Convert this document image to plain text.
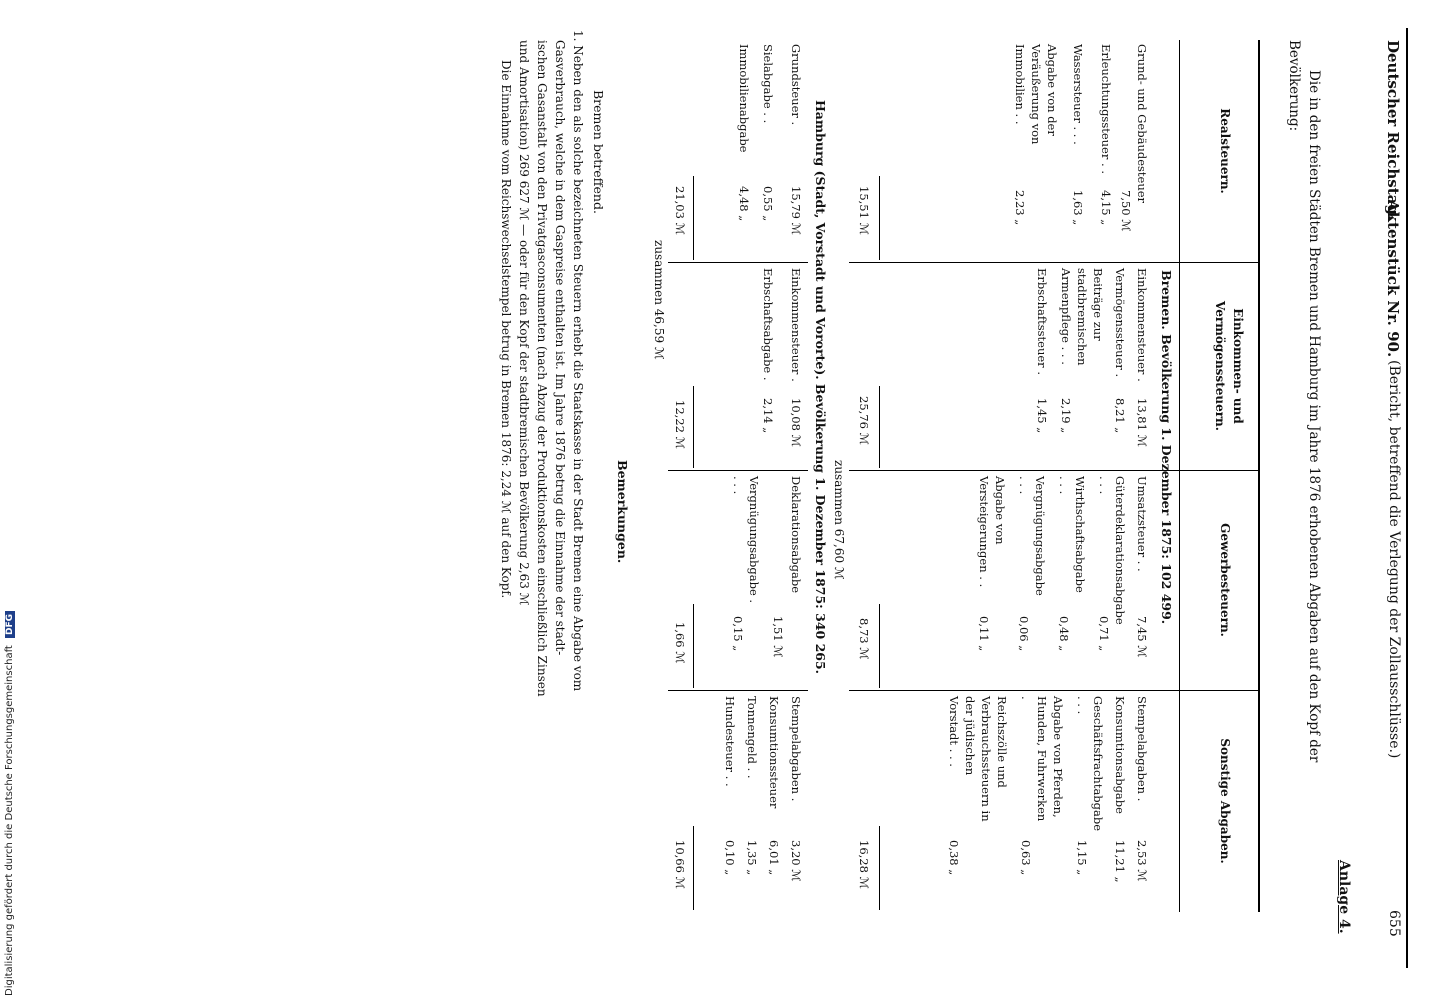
Deutscher Reichstag.
Aktenstück Nr. 90.
(Bericht, betreffend die Verlegung der Zollausschlüsse.)
655
Anlage 4.
Die in den freien Städten Bremen und Hamburg im Jahre 1876 erhobenen Abgaben auf den Kopf der
Bevölkerung:
Realsteuern.
Einkommen- und Vermögenssteuern.
Gewerbesteuern.
Sonstige Abgaben.
Bremen. Bevölkerung 1. Dezember 1875: 102 499.
Grund- und Gebäudesteuer
7,50 ℳ
Erleuchtungssteuer . .
4,15 „
Wassersteuer . . .
1,63 „
Abgabe von der Veräußerung von Immobilien . .
2,23 „
15,51 ℳ
Einkommensteuer .
13,81 ℳ
Vermögenssteuer .
8,21 „
Beiträge zur stadtbremischen Armenpflege . . .
2,19 „
Erbschaftssteuer .
1,45 „
25,76 ℳ
Umsatzsteuer . .
7,45 ℳ
Güterdeklarationsabgabe . . .
0,71 „
Wirthschaftsabgabe . . .
0,48 „
Vergnügungsabgabe . . .
0,06 „
Abgabe von Versteigerungen . .
0,11 „
8,73 ℳ
Stempelabgaben .
2,53 ℳ
Konsumtionsabgabe
11,21 „
Geschäftsfrachtabgabe . . .
1,15 „
Abgabe von Pferden, Hunden, Fuhrwerken .
0,63 „
Reichszölle und Verbrauchssteuern in der jüdischen Vorstadt . . .
0,38 „
16,28 ℳ
zusammen 67,60 ℳ
Hamburg (Stadt, Vorstadt und Vororte). Bevölkerung 1. Dezember 1875: 340 265.
Grundsteuer .
15,79 ℳ
Sielabgabe . .
0,55 „
Immobilienabgabe
4,48 „
21,03 ℳ
Einkommensteuer .
10,08 ℳ
Erbschaftsabgabe .
2,14 „
12,22 ℳ
Deklarationsabgabe
1,51 ℳ
Vergnügungsabgabe . . . .
0,15 „
1,66 ℳ
Stempelabgaben .
3,20 ℳ
Konsumtionssteuer
6,01 „
Tonnengeld . .
1,35 „
Hundesteuer . .
0,10 „
10,66 ℳ
zusammen 46,59 ℳ
Bemerkungen.
Bremen betreffend.
1. Neben den als solche bezeichneten Steuern erhebt die Staatskasse in der Stadt Bremen eine Abgabe vom
Gasverbrauch, welche in dem Gaspreise enthalten ist. Im Jahre 1876 betrug die Einnahme der stadt-
ischen Gasanstalt von den Privatgasconsumenten (nach Abzug der Produktionskosten einschließlich Zinsen
und Amortisation) 269 627 ℳ — oder für den Kopf der stadtbremischen Bevölkerung 2,63 ℳ
Die Einnahme vom Reichswechselstempel betrug in Bremen 1876: 2,24 ℳ auf den Kopf.
Digitalisierung gefördert durch die Deutsche Forschungsgemeinschaft DFG
